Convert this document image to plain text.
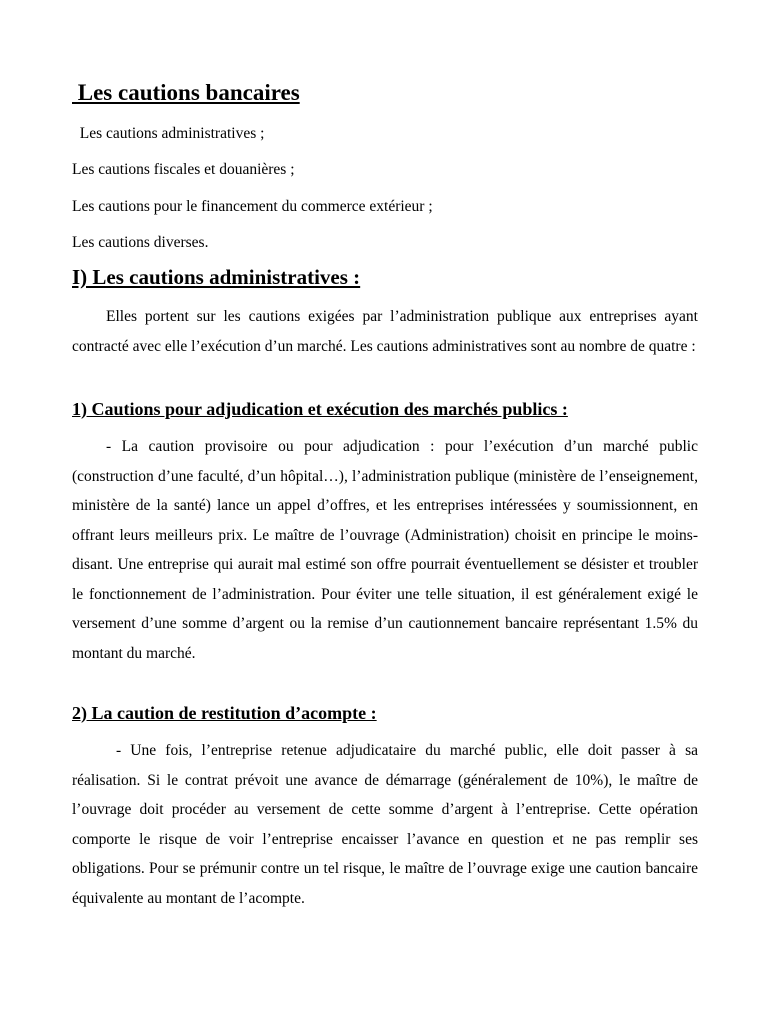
Les cautions bancaires

Les cautions administratives ;

Les cautions fiscales et douanières ;

Les cautions pour le financement du commerce extérieur ;

Les cautions diverses.

I) Les cautions administratives :

Elles portent sur les cautions exigées par l’administration publique aux entreprises ayant contracté avec elle l’exécution d’un marché. Les cautions administratives sont au nombre de quatre :

1) Cautions pour adjudication et exécution des marchés publics :

- La caution provisoire ou pour adjudication : pour l’exécution d’un marché public (construction d’une faculté, d’un hôpital…), l’administration publique (ministère de l’enseignement, ministère de la santé) lance un appel d’offres, et les entreprises intéressées y soumissionnent, en offrant leurs meilleurs prix. Le maître de l’ouvrage (Administration) choisit en principe le moins-disant. Une entreprise qui aurait mal estimé son offre pourrait éventuellement se désister et troubler le fonctionnement de l’administration. Pour éviter une telle situation, il est généralement exigé le versement d’une somme d’argent ou la remise d’un cautionnement bancaire représentant 1.5% du montant du marché.

2) La caution de restitution d’acompte :

- Une fois, l’entreprise retenue adjudicataire du marché public, elle doit passer à sa réalisation. Si le contrat prévoit une avance de démarrage (généralement de 10%), le maître de l’ouvrage doit procéder au versement de cette somme d’argent à l’entreprise. Cette opération comporte le risque de voir l’entreprise encaisser l’avance en question et ne pas remplir ses obligations. Pour se prémunir contre un tel risque, le maître de l’ouvrage exige une caution bancaire équivalente au montant de l’acompte.
